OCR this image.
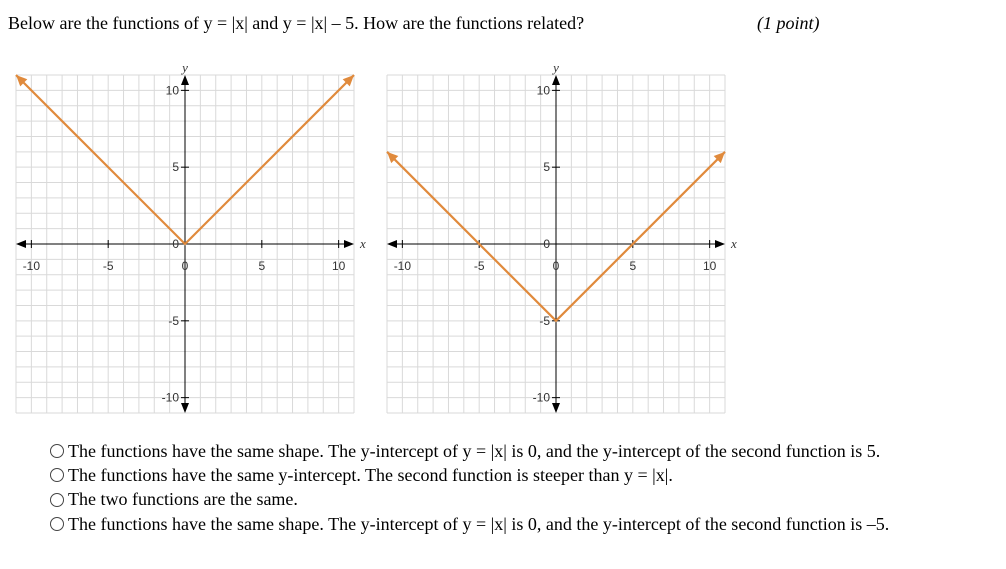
Below are the functions of y = |x| and y = |x| – 5. How are the functions related?	(1 point)
-10	-5	0	5	10
-10
-5
0
5
10
x
y
-10	-5	0	5	10
-10
-5
0
5
10
x
y
The functions have the same shape. The y-intercept of y = |x| is 0, and the y-intercept of the second function is 5.
The functions have the same y-intercept. The second function is steeper than y = |x|.
The two functions are the same.
The functions have the same shape. The y-intercept of y = |x| is 0, and the y-intercept of the second function is –5.
